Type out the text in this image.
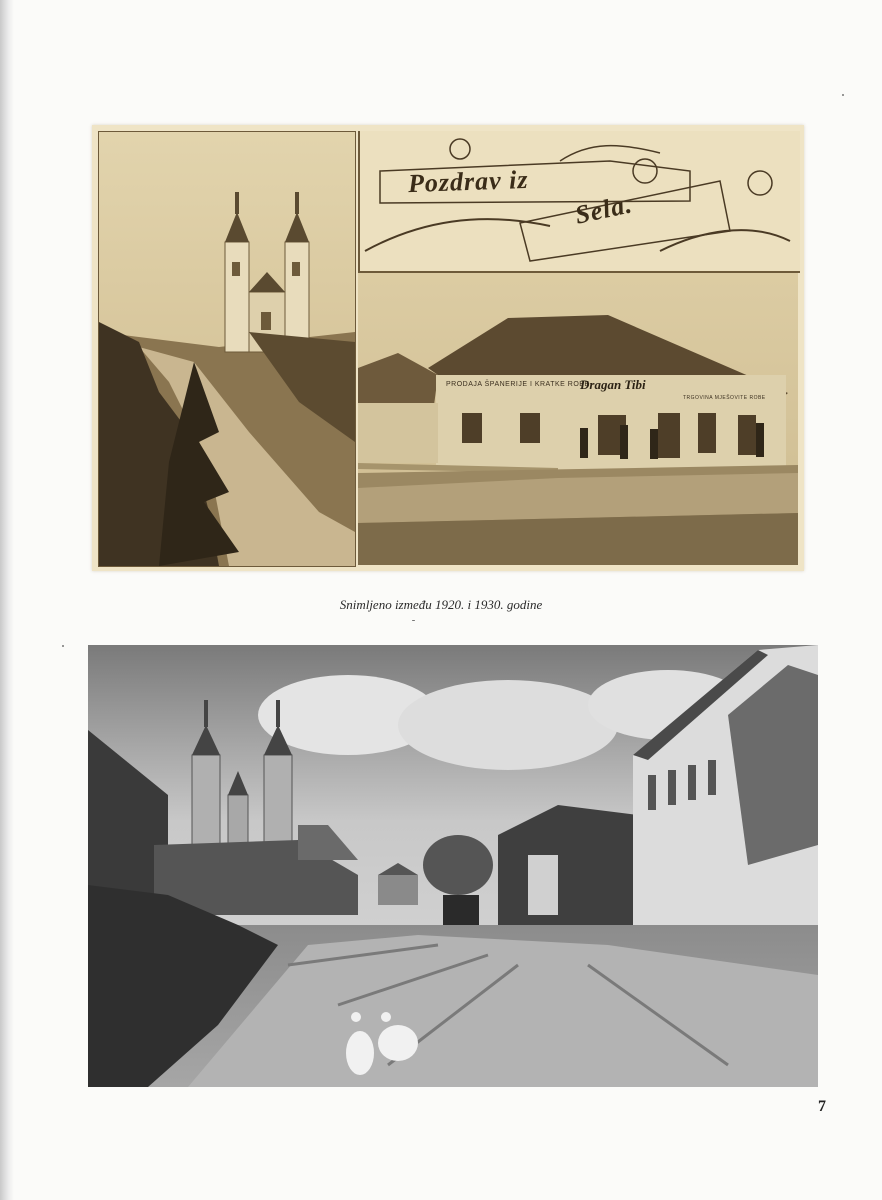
Pozdrav iz
Sela.
PRODAJA ŠPANERIJE I KRATKE ROBE
Dragan Tibi
TRGOVINA MJEŠOVITE ROBE
Snimljeno između 1920. i 1930. godine
7
